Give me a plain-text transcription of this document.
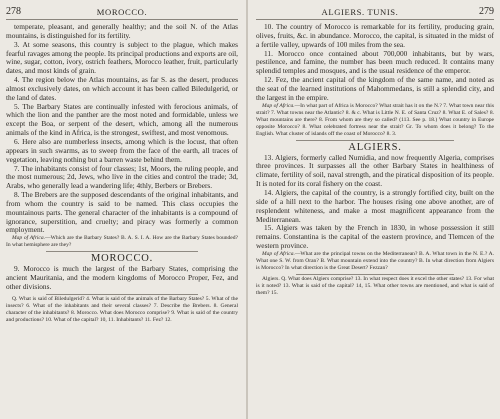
278	MOROCCO.

temperate, pleasant, and generally healthy; and the soil N. of the Atlas mountains, is distinguished for its fertility.

3. At some seasons, this country is subject to the plague, which makes fearful ravages among the people. Its principal productions and exports are oil, wine, sugar, cotton, ivory, ostrich feathers, Morocco leather, fruit, particularly dates, and most kinds of grain.

4. The region below the Atlas mountains, as far S. as the desert, produces almost exclusively dates, on which account it has been called Biledulgerid, or the land of dates.

5. The Barbary States are continually infested with ferocious animals, of which the lion and the panther are the most noted and formidable, unless we except the Boa, or serpent of the desert, which, among all the numerous animals of the kind in Africa, is the strongest, swiftest, and most venomous.

6. Here also are numberless insects, among which is the locust, that often appears in such swarms, as to sweep from the face of the earth, all traces of vegetation, leaving nothing but a barren waste behind them.

7. The inhabitants consist of four classes; 1st, Moors, the ruling people, and the most numerous; 2d, Jews, who live in the cities and control the trade; 3d, Arabs, who generally lead a wandering life; 4thly, Berbers or Brebers.

8. The Brebers are the supposed descendants of the original inhabitants, and from whom the country is said to be named. This class occupies the mountainous parts. The general character of the inhabitants is a compound of ignorance, superstition, and cruelty; and piracy was formerly a common employment.

Map of Africa.—Which are the Barbary States? B. A. S. I. A. How are the Barbary States bounded? In what hemisphere are they?

MOROCCO.

9. Morocco is much the largest of the Barbary States, comprising the ancient Mauritania, and the modern kingdoms of Morocco Proper, Fez, and other divisions.

Q. What is said of Biledulgerid? 4. What is said of the animals of the Barbary States? 5. What of the insects? 6. What of the inhabitants and their several classes? 7. Describe the Brebers. 8. General character of the inhabitants? 8. Morocco. What does Morocco comprise? 9. What is said of the country and productions? 10. What of the capital? 10, 11. Inhabitants? 11. Fez? 12.

ALGIERS. TUNIS.	279

10. The country of Morocco is remarkable for its fertility, producing grain, olives, fruits, &c. in abundance. Morocco, the capital, is situated in the midst of a fertile valley, upwards of 100 miles from the sea.

11. Morocco once contained about 700,000 inhabitants, but by wars, pestilence, and famine, the number has been much reduced. It contains many splendid temples and mosques, and is the usual residence of the emperor.

12. Fez, the ancient capital of the kingdom of the same name, and noted as the seat of the learned institutions of Mahommedans, is still a splendid city, and the largest in the empire.

Map of Africa.—In what part of Africa is Morocco? What strait has it on the N.? 7. What town near this strait? 7. What towns near the Atlantic? 8. & c. What is Little N. E. of Santa Cruz? 8. What E. of Sales? 8. What mountains are there? 8. From whom are they so called? (113. See p. 18.) What country in Europe opposite Morocco? 8. What celebrated fortress near the strait? Gr. To whom does it belong? To the English. What cluster of islands off the coast of Morocco? 8. 3.

ALGIERS.

13. Algiers, formerly called Numidia, and now frequently Algeria, comprises three provinces. It surpasses all the other Barbary States in healthiness of climate, fertility of soil, naval strength, and the piratical disposition of its people. It is noted for its coral fishery on the coast.

14. Algiers, the capital of the country, is a strongly fortified city, built on the side of a hill next to the harbor. The houses rising one above another, are of resplendent whiteness, and make a most magnificent appearance from the Mediterranean.

15. Algiers was taken by the French in 1830, in whose possession it still remains. Constantina is the capital of the eastern province, and Tlemcen of the western province.

Map of Africa.—What are the principal towns on the Mediterranean? B. A. What town in the N. E.? A. What one S. W. from Oran? B. What mountain extend into the country? B. In what direction from Algiers is Morocco? In what direction is the Great Desert? Fezzan?

Algiers. Q. What does Algiers comprise? 13. In what respect does it excel the other states? 13. For what is it noted? 13. What is said of the capital? 14, 15. What other towns are mentioned, and what is said of them? 15.
